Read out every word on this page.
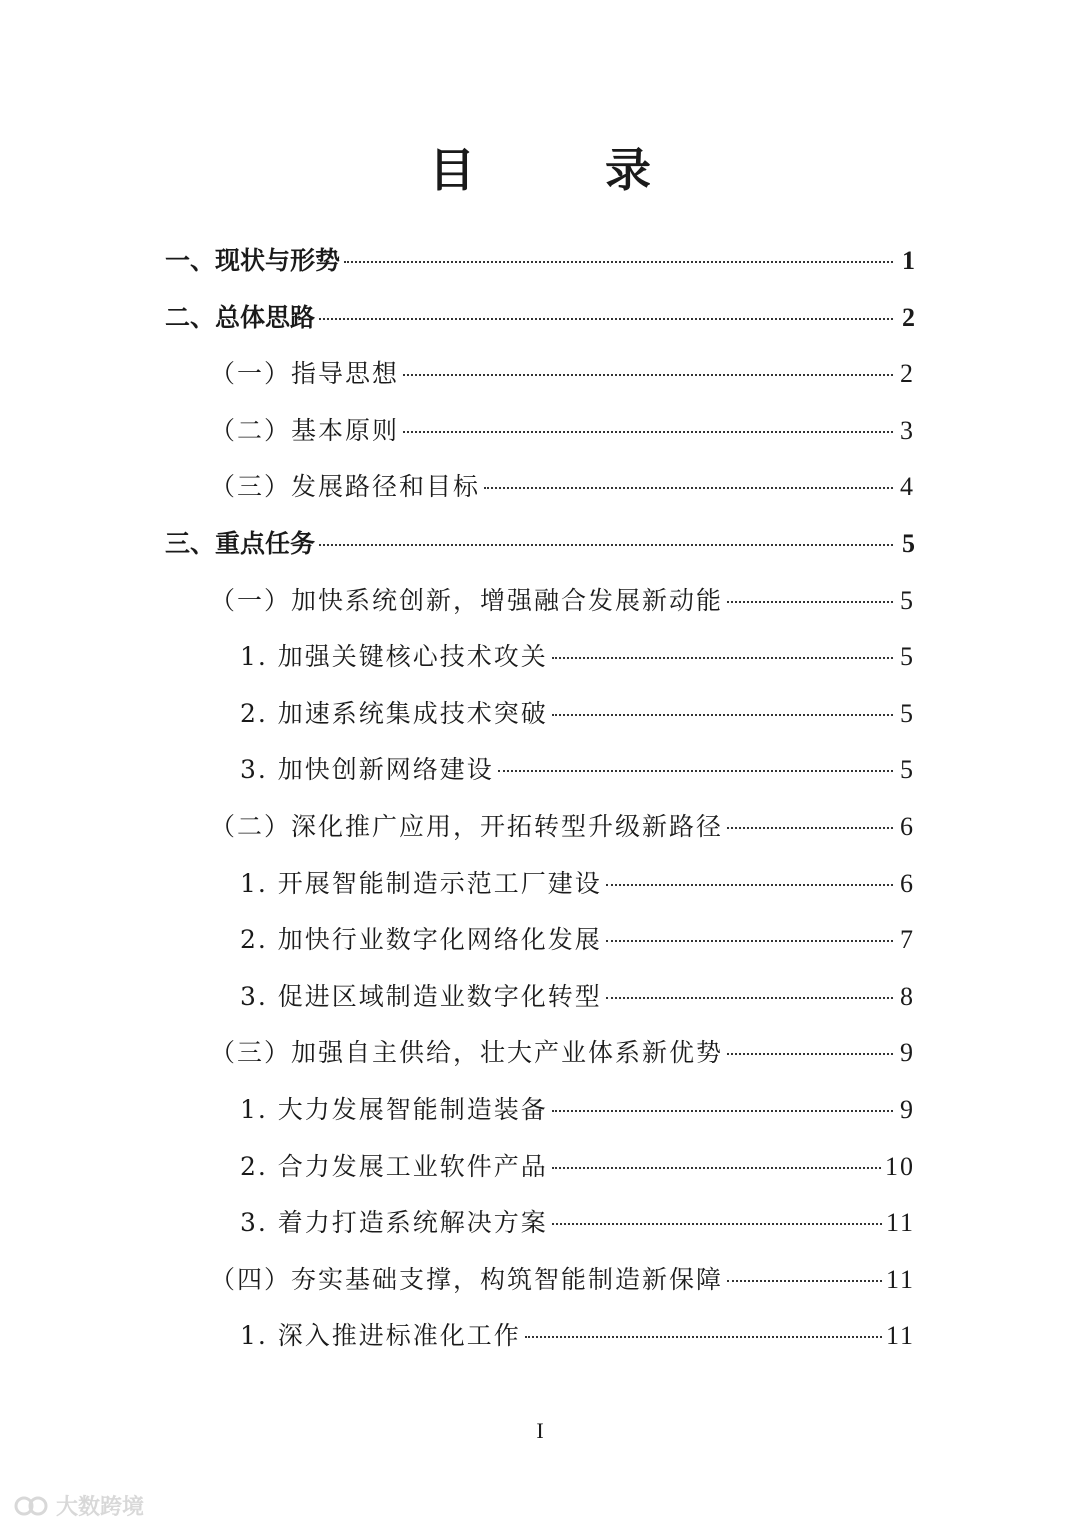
目　录
一、现状与形势	1
二、总体思路	2
（一）指导思想	2
（二）基本原则	3
（三）发展路径和目标	4
三、重点任务	5
（一）加快系统创新，增强融合发展新动能	5
1. 加强关键核心技术攻关	5
2. 加速系统集成技术突破	5
3. 加快创新网络建设	5
（二）深化推广应用，开拓转型升级新路径	6
1. 开展智能制造示范工厂建设	6
2. 加快行业数字化网络化发展	7
3. 促进区域制造业数字化转型	8
（三）加强自主供给，壮大产业体系新优势	9
1. 大力发展智能制造装备	9
2. 合力发展工业软件产品	10
3. 着力打造系统解决方案	11
（四）夯实基础支撑，构筑智能制造新保障	11
1. 深入推进标准化工作	11
I
大数跨境
